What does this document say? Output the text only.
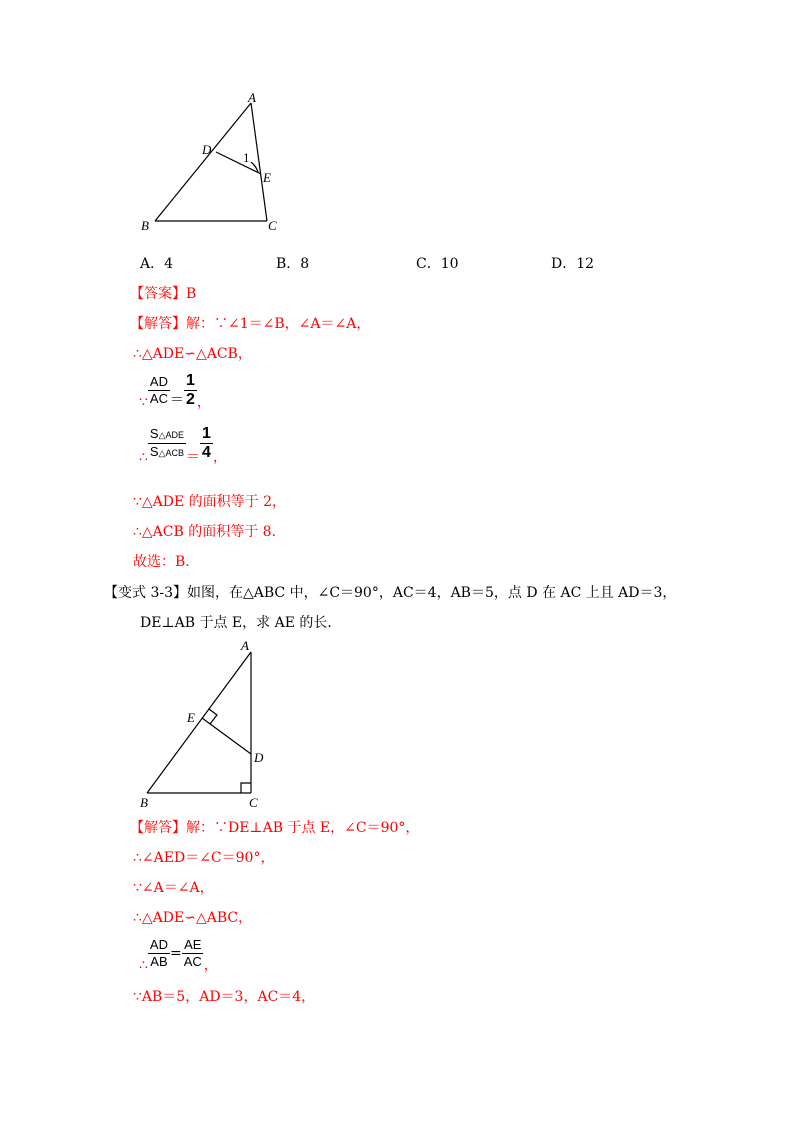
A
D
1
E
B	C
A．4	B．8	C．10	D．12
【答案】B
【解答】解：∵∠1＝∠B，∠A＝∠A，
∴△ADE∽△ACB，
∵ $\frac{AD}{AC} = \frac{1}{2}$ ，
∴ $\frac{\text{S△ADE}}{\text{S△ACB}} = \frac{1}{4}$ ，
∵△ADE 的面积等于 2，
∴△ACB 的面积等于 8．
故选：B．
【变式 3-3】如图，在△ABC 中，∠C＝90°，AC＝4，AB＝5，点 D 在 AC 上且 AD＝3，
DE⊥AB 于点 E，求 AE 的长．
A
E
D
B	C
【解答】解：∵DE⊥AB 于点 E，∠C＝90°，
∴∠AED＝∠C＝90°，
∵∠A＝∠A，
∴△ADE∽△ABC，
∴ $\frac{AD}{AB} = \frac{AE}{AC}$ ，
∵AB＝5，AD＝3，AC＝4，
